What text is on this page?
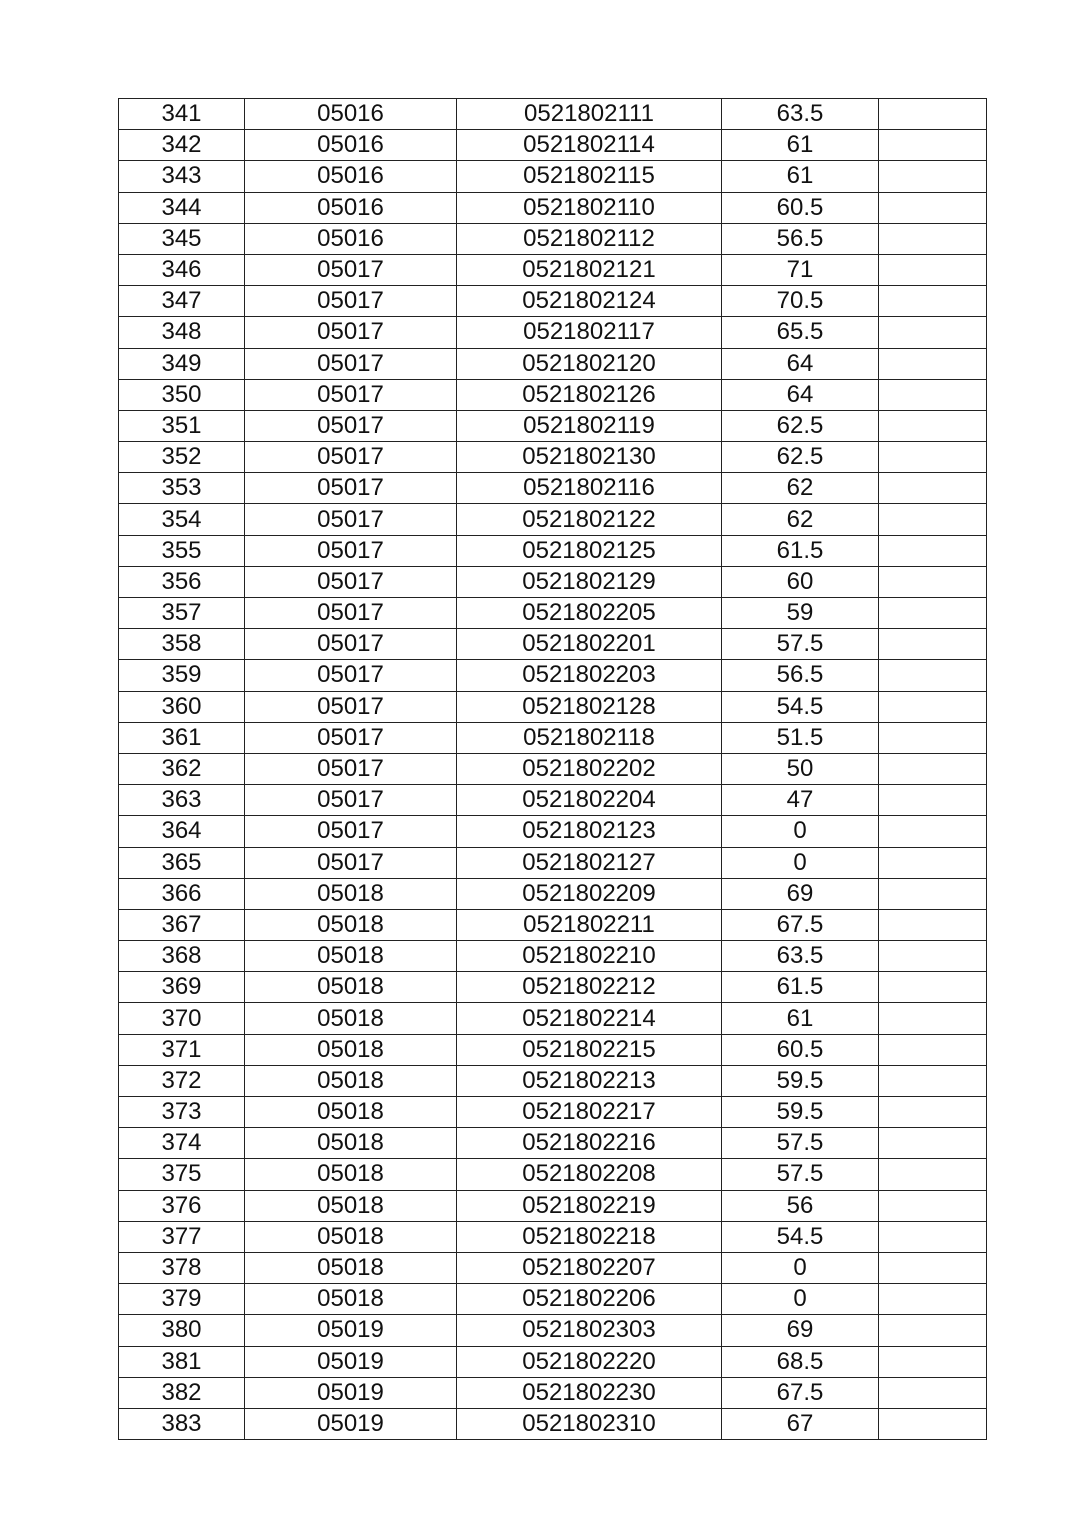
341	05016	0521802111	63.5	
342	05016	0521802114	61	
343	05016	0521802115	61	
344	05016	0521802110	60.5	
345	05016	0521802112	56.5	
346	05017	0521802121	71	
347	05017	0521802124	70.5	
348	05017	0521802117	65.5	
349	05017	0521802120	64	
350	05017	0521802126	64	
351	05017	0521802119	62.5	
352	05017	0521802130	62.5	
353	05017	0521802116	62	
354	05017	0521802122	62	
355	05017	0521802125	61.5	
356	05017	0521802129	60	
357	05017	0521802205	59	
358	05017	0521802201	57.5	
359	05017	0521802203	56.5	
360	05017	0521802128	54.5	
361	05017	0521802118	51.5	
362	05017	0521802202	50	
363	05017	0521802204	47	
364	05017	0521802123	0	
365	05017	0521802127	0	
366	05018	0521802209	69	
367	05018	0521802211	67.5	
368	05018	0521802210	63.5	
369	05018	0521802212	61.5	
370	05018	0521802214	61	
371	05018	0521802215	60.5	
372	05018	0521802213	59.5	
373	05018	0521802217	59.5	
374	05018	0521802216	57.5	
375	05018	0521802208	57.5	
376	05018	0521802219	56	
377	05018	0521802218	54.5	
378	05018	0521802207	0	
379	05018	0521802206	0	
380	05019	0521802303	69	
381	05019	0521802220	68.5	
382	05019	0521802230	67.5	
383	05019	0521802310	67	
